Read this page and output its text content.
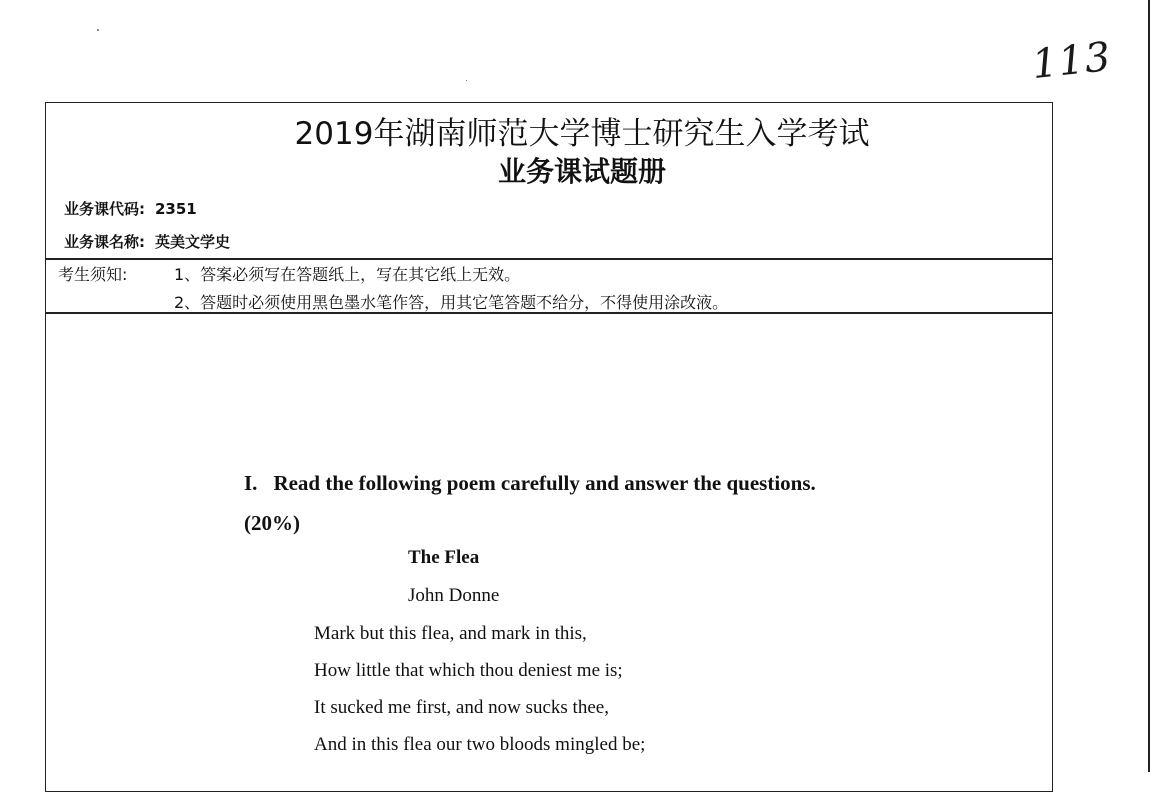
113
2019年湖南师范大学博士研究生入学考试
业务课试题册
业务课代码: 2351
业务课名称: 英美文学史
考生须知:	1、答案必须写在答题纸上，写在其它纸上无效。
2、答题时必须使用黑色墨水笔作答，用其它笔答题不给分，不得使用涂改液。
I. Read the following poem carefully and answer the questions.
(20%)
The Flea
John Donne
Mark but this flea, and mark in this,
How little that which thou deniest me is;
It sucked me first, and now sucks thee,
And in this flea our two bloods mingled be;
